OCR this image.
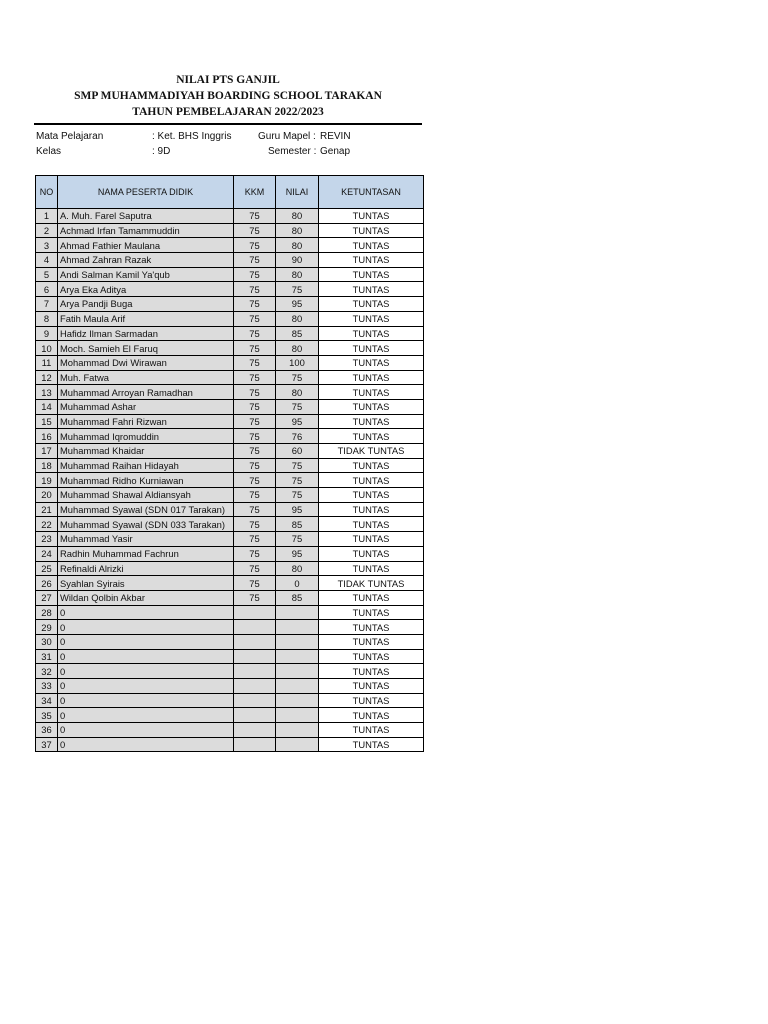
NILAI PTS GANJIL
SMP MUHAMMADIYAH BOARDING SCHOOL TARAKAN
TAHUN PEMBELAJARAN 2022/2023
Mata Pelajaran	: Ket. BHS Inggris	Guru Mapel : REVIN
Kelas	: 9D	Semester : Genap
NO	NAMA PESERTA DIDIK	KKM	NILAI	KETUNTASAN
1	A. Muh. Farel Saputra	75	80	TUNTAS
2	Achmad Irfan Tamammuddin	75	80	TUNTAS
3	Ahmad Fathier Maulana	75	80	TUNTAS
4	Ahmad Zahran Razak	75	90	TUNTAS
5	Andi Salman Kamil Ya'qub	75	80	TUNTAS
6	Arya Eka Aditya	75	75	TUNTAS
7	Arya Pandji Buga	75	95	TUNTAS
8	Fatih Maula Arif	75	80	TUNTAS
9	Hafidz Ilman Sarmadan	75	85	TUNTAS
10	Moch. Samieh El Faruq	75	80	TUNTAS
11	Mohammad Dwi Wirawan	75	100	TUNTAS
12	Muh. Fatwa	75	75	TUNTAS
13	Muhammad Arroyan Ramadhan	75	80	TUNTAS
14	Muhammad Ashar	75	75	TUNTAS
15	Muhammad Fahri Rizwan	75	95	TUNTAS
16	Muhammad Iqromuddin	75	76	TUNTAS
17	Muhammad Khaidar	75	60	TIDAK TUNTAS
18	Muhammad Raihan Hidayah	75	75	TUNTAS
19	Muhammad Ridho Kurniawan	75	75	TUNTAS
20	Muhammad Shawal Aldiansyah	75	75	TUNTAS
21	Muhammad Syawal (SDN 017 Tarakan)	75	95	TUNTAS
22	Muhammad Syawal (SDN 033 Tarakan)	75	85	TUNTAS
23	Muhammad Yasir	75	75	TUNTAS
24	Radhin Muhammad Fachrun	75	95	TUNTAS
25	Refinaldi Alrizki	75	80	TUNTAS
26	Syahlan Syirais	75	0	TIDAK TUNTAS
27	Wildan Qolbin Akbar	75	85	TUNTAS
28	0			TUNTAS
29	0			TUNTAS
30	0			TUNTAS
31	0			TUNTAS
32	0			TUNTAS
33	0			TUNTAS
34	0			TUNTAS
35	0			TUNTAS
36	0			TUNTAS
37	0			TUNTAS
